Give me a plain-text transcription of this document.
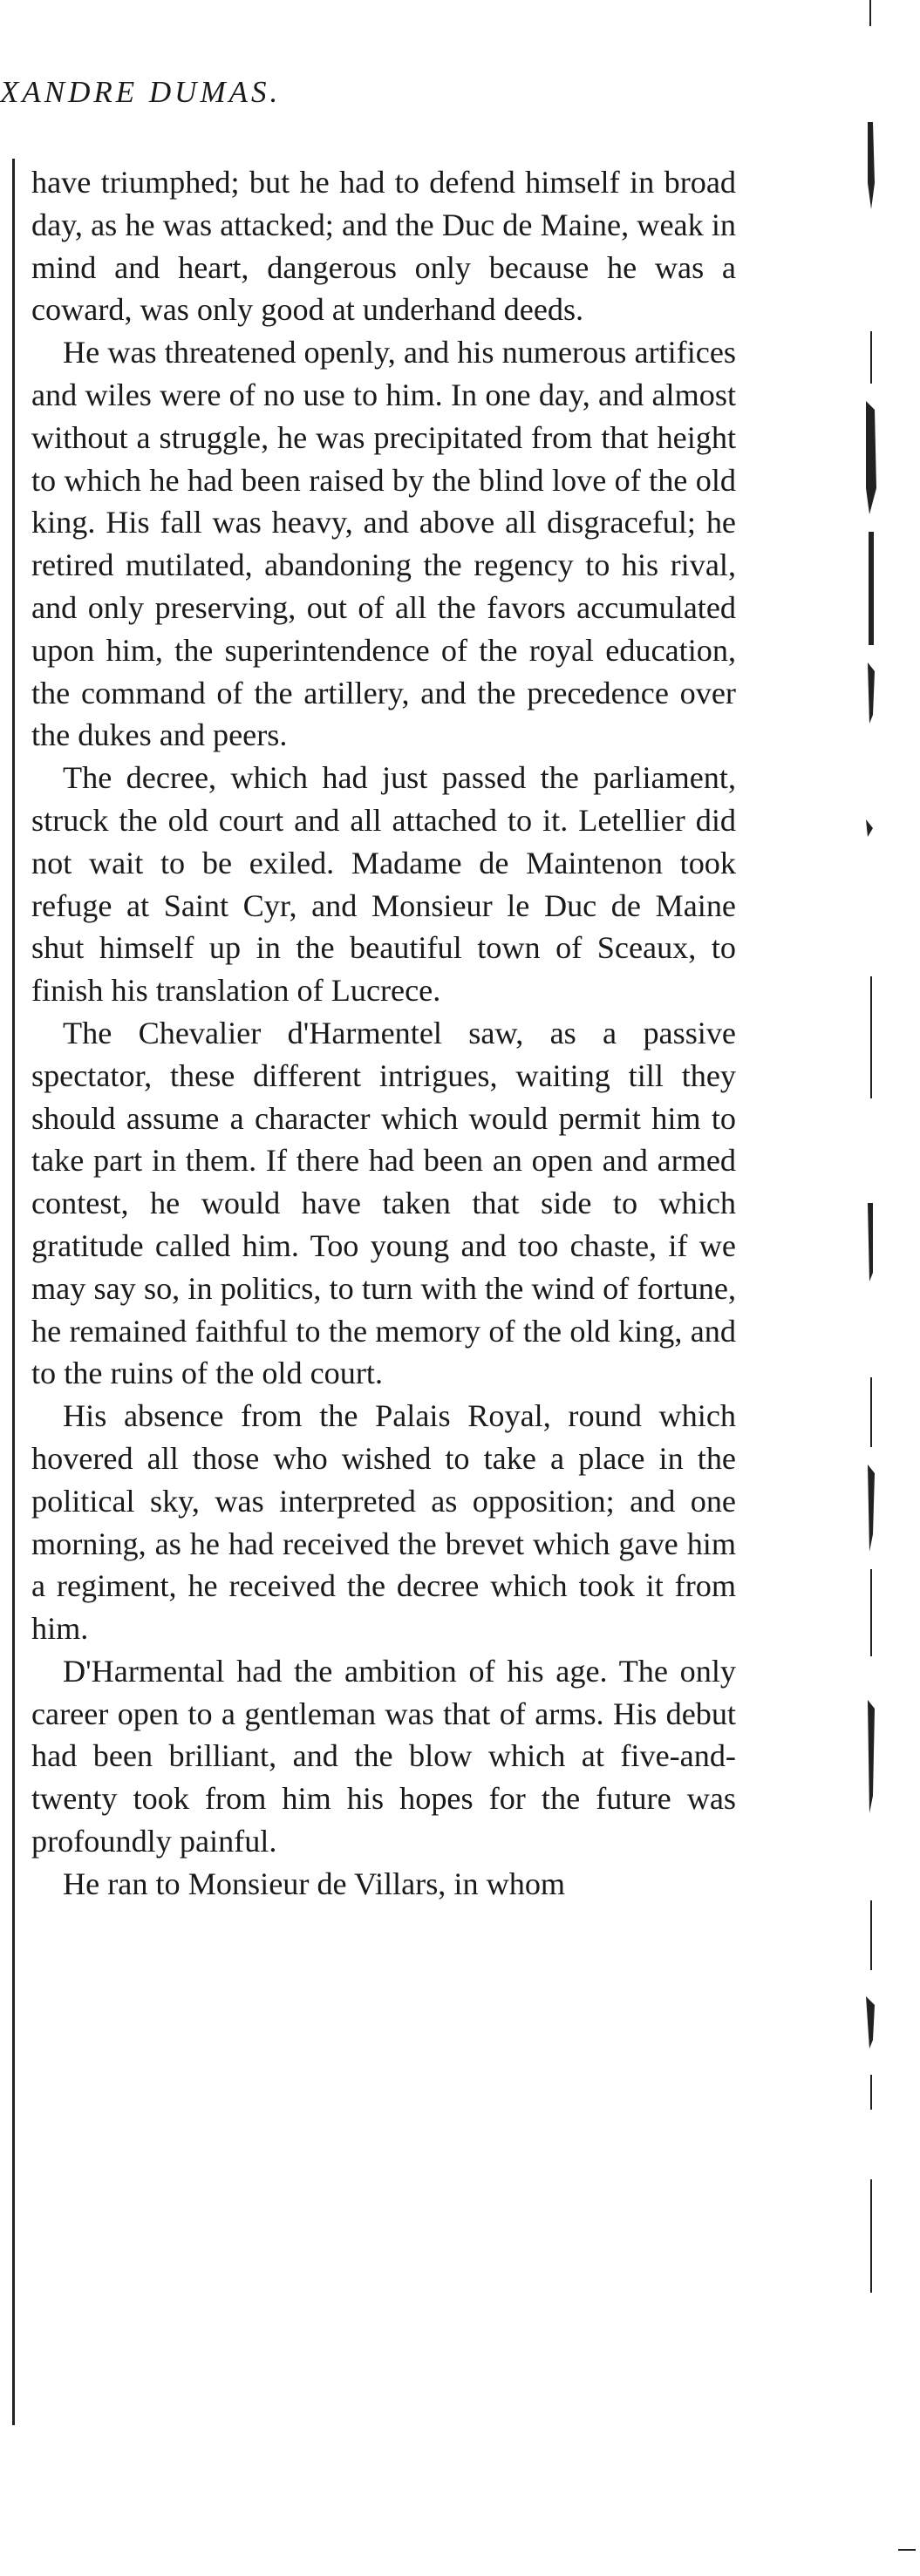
XANDRE DUMAS.

have triumphed; but he had to defend himself in broad day, as he was attacked; and the Duc de Maine, weak in mind and heart, dangerous only because he was a coward, was only good at underhand deeds.

He was threatened openly, and his numerous artifices and wiles were of no use to him. In one day, and almost without a struggle, he was precipitated from that height to which he had been raised by the blind love of the old king. His fall was heavy, and above all disgraceful; he retired mutilated, abandoning the regency to his rival, and only preserving, out of all the favors accumulated upon him, the superintendence of the royal education, the command of the artillery, and the precedence over the dukes and peers.

The decree, which had just passed the parliament, struck the old court and all attached to it. Letellier did not wait to be exiled. Madame de Maintenon took refuge at Saint Cyr, and Monsieur le Duc de Maine shut himself up in the beautiful town of Sceaux, to finish his translation of Lucrece.

The Chevalier d'Harmentel saw, as a passive spectator, these different intrigues, waiting till they should assume a character which would permit him to take part in them. If there had been an open and armed contest, he would have taken that side to which gratitude called him. Too young and too chaste, if we may say so, in politics, to turn with the wind of fortune, he remained faithful to the memory of the old king, and to the ruins of the old court.

His absence from the Palais Royal, round which hovered all those who wished to take a place in the political sky, was interpreted as opposition; and one morning, as he had received the brevet which gave him a regiment, he received the decree which took it from him.

D'Harmental had the ambition of his age. The only career open to a gentleman was that of arms. His debut had been brilliant, and the blow which at five-and-twenty took from him his hopes for the future was profoundly painful.

He ran to Monsieur de Villars, in whom
